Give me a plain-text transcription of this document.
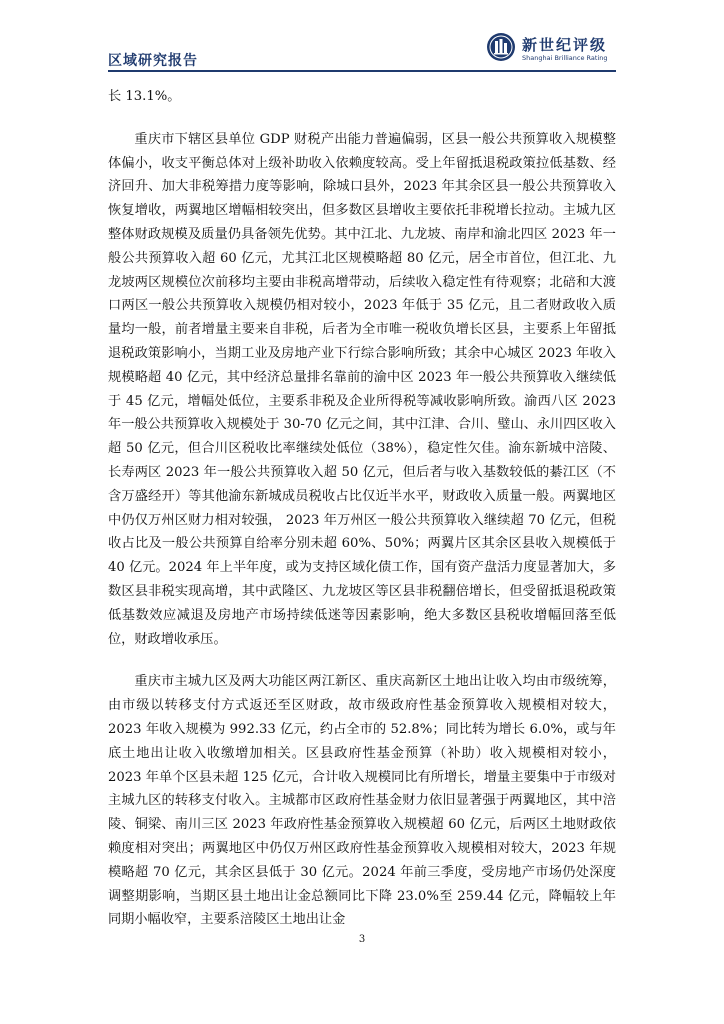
区域研究报告
新世纪评级
Shanghai Brilliance Rating

长 13.1%。

重庆市下辖区县单位 GDP 财税产出能力普遍偏弱，区县一般公共预算收入规模整体偏小，收支平衡总体对上级补助收入依赖度较高。受上年留抵退税政策拉低基数、经济回升、加大非税筹措力度等影响，除城口县外，2023 年其余区县一般公共预算收入恢复增收，两翼地区增幅相较突出，但多数区县增收主要依托非税增长拉动。主城九区整体财政规模及质量仍具备领先优势。其中江北、九龙坡、南岸和渝北四区 2023 年一般公共预算收入超 60 亿元，尤其江北区规模略超 80 亿元，居全市首位，但江北、九龙坡两区规模位次前移均主要由非税高增带动，后续收入稳定性有待观察；北碚和大渡口两区一般公共预算收入规模仍相对较小，2023 年低于 35 亿元，且二者财政收入质量均一般，前者增量主要来自非税，后者为全市唯一税收负增长区县，主要系上年留抵退税政策影响小，当期工业及房地产业下行综合影响所致；其余中心城区 2023 年收入规模略超 40 亿元，其中经济总量排名靠前的渝中区 2023 年一般公共预算收入继续低于 45 亿元，增幅处低位，主要系非税及企业所得税等减收影响所致。渝西八区 2023 年一般公共预算收入规模处于 30-70 亿元之间，其中江津、合川、璧山、永川四区收入超 50 亿元，但合川区税收比率继续处低位（38%），稳定性欠佳。渝东新城中涪陵、长寿两区 2023 年一般公共预算收入超 50 亿元，但后者与收入基数较低的綦江区（不含万盛经开）等其他渝东新城成员税收占比仅近半水平，财政收入质量一般。两翼地区中仍仅万州区财力相对较强， 2023 年万州区一般公共预算收入继续超 70 亿元，但税收占比及一般公共预算自给率分别未超 60%、50%；两翼片区其余区县收入规模低于 40 亿元。2024 年上半年度，或为支持区域化债工作，国有资产盘活力度显著加大，多数区县非税实现高增，其中武隆区、九龙坡区等区县非税翻倍增长，但受留抵退税政策低基数效应减退及房地产市场持续低迷等因素影响，绝大多数区县税收增幅回落至低位，财政增收承压。

重庆市主城九区及两大功能区两江新区、重庆高新区土地出让收入均由市级统筹，由市级以转移支付方式返还至区财政，故市级政府性基金预算收入规模相对较大，2023 年收入规模为 992.33 亿元，约占全市的 52.8%；同比转为增长 6.0%，或与年底土地出让收入收缴增加相关。区县政府性基金预算（补助）收入规模相对较小，2023 年单个区县未超 125 亿元，合计收入规模同比有所增长，增量主要集中于市级对主城九区的转移支付收入。主城都市区政府性基金财力依旧显著强于两翼地区，其中涪陵、铜梁、南川三区 2023 年政府性基金预算收入规模超 60 亿元，后两区土地财政依赖度相对突出；两翼地区中仍仅万州区政府性基金预算收入规模相对较大，2023 年规模略超 70 亿元，其余区县低于 30 亿元。2024 年前三季度，受房地产市场仍处深度调整期影响，当期区县土地出让金总额同比下降 23.0%至 259.44 亿元，降幅较上年同期小幅收窄，主要系涪陵区土地出让金

3
